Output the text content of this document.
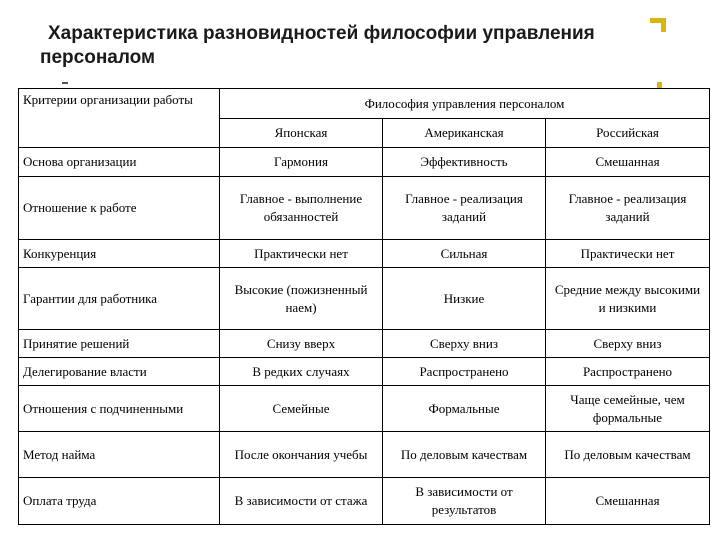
Характеристика разновидностей философии управления
персоналом
Критерии организации работы	Философия управления персоналом		
	Японская	Американская	Российская
Основа организации	Гармония	Эффективность	Смешанная
Отношение к работе	Главное - выполнение обязанностей	Главное - реализация заданий	Главное - реализация заданий
Конкуренция	Практически нет	Сильная	Практически нет
Гарантии для работника	Высокие (пожизненный наем)	Низкие	Средние между высокими и низкими
Принятие решений	Снизу вверх	Сверху вниз	Сверху вниз
Делегирование власти	В редких случаях	Распространено	Распространено
Отношения с подчиненными	Семейные	Формальные	Чаще семейные, чем формальные
Метод найма	После окончания учебы	По деловым качествам	По деловым качествам
Оплата труда	В зависимости от стажа	В зависимости от результатов	Смешанная
